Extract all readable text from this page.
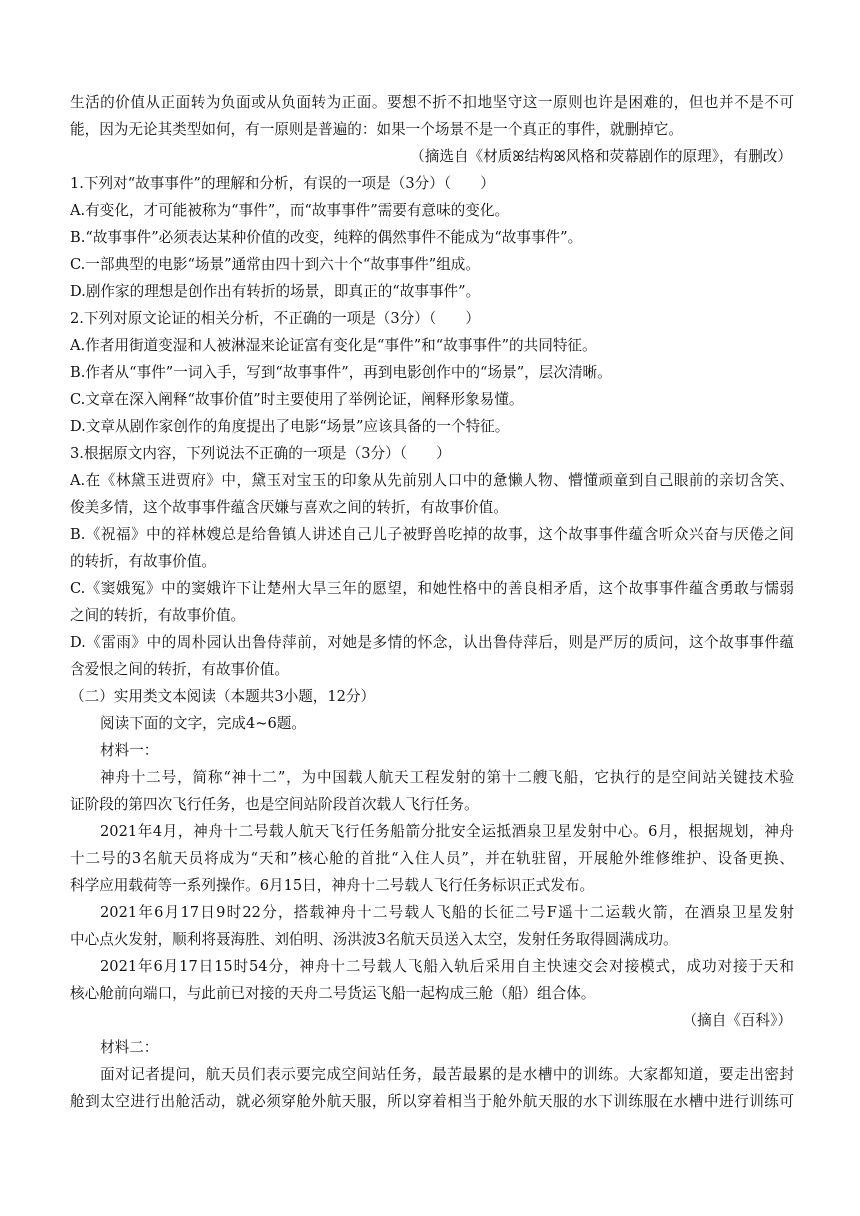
生活的价值从正面转为负面或从负面转为正面。要想不折不扣地坚守这一原则也许是困难的，但也并不是不可
能，因为无论其类型如何，有一原则是普遍的：如果一个场景不是一个真正的事件，就删掉它。
（摘选自《材质ꕤ结构ꕤ风格和荧幕剧作的原理》，有删改）
1.下列对“故事事件”的理解和分析，有误的一项是（3分）（　　）
A.有变化，才可能被称为“事件”，而“故事事件”需要有意味的变化。
B.“故事事件”必须表达某种价值的改变，纯粹的偶然事件不能成为“故事事件”。
C.一部典型的电影“场景”通常由四十到六十个“故事事件”组成。
D.剧作家的理想是创作出有转折的场景，即真正的“故事事件”。
2.下列对原文论证的相关分析，不正确的一项是（3分）（　　）
A.作者用街道变湿和人被淋湿来论证富有变化是“事件”和“故事事件”的共同特征。
B.作者从“事件”一词入手，写到“故事事件”，再到电影创作中的“场景”，层次清晰。
C.文章在深入阐释“故事价值”时主要使用了举例论证，阐释形象易懂。
D.文章从剧作家创作的角度提出了电影“场景”应该具备的一个特征。
3.根据原文内容，下列说法不正确的一项是（3分）（　　）
A.在《林黛玉进贾府》中，黛玉对宝玉的印象从先前别人口中的惫懒人物、懵懂顽童到自己眼前的亲切含笑、
俊美多情，这个故事事件蕴含厌嫌与喜欢之间的转折，有故事价值。
B.《祝福》中的祥林嫂总是给鲁镇人讲述自己儿子被野兽吃掉的故事，这个故事事件蕴含听众兴奋与厌倦之间
的转折，有故事价值。
C.《窦娥冤》中的窦娥许下让楚州大旱三年的愿望，和她性格中的善良相矛盾，这个故事事件蕴含勇敢与懦弱
之间的转折，有故事价值。
D.《雷雨》中的周朴园认出鲁侍萍前，对她是多情的怀念，认出鲁侍萍后，则是严厉的质问，这个故事事件蕴
含爱恨之间的转折，有故事价值。
（二）实用类文本阅读（本题共3小题，12分）
阅读下面的文字，完成4~6题。
材料一：
神舟十二号，简称“神十二”，为中国载人航天工程发射的第十二艘飞船，它执行的是空间站关键技术验
证阶段的第四次飞行任务，也是空间站阶段首次载人飞行任务。
2021年4月，神舟十二号载人航天飞行任务船箭分批安全运抵酒泉卫星发射中心。6月，根据规划，神舟
十二号的3名航天员将成为“天和”核心舱的首批“入住人员”，并在轨驻留，开展舱外维修维护、设备更换、
科学应用载荷等一系列操作。6月15日，神舟十二号载人飞行任务标识正式发布。
2021年6月17日9时22分，搭载神舟十二号载人飞船的长征二号F遥十二运载火箭，在酒泉卫星发射
中心点火发射，顺利将聂海胜、刘伯明、汤洪波3名航天员送入太空，发射任务取得圆满成功。
2021年6月17日15时54分，神舟十二号载人飞船入轨后采用自主快速交会对接模式，成功对接于天和
核心舱前向端口，与此前已对接的天舟二号货运飞船一起构成三舱（船）组合体。
（摘自《百科》）
材料二：
面对记者提问，航天员们表示要完成空间站任务，最苦最累的是水槽中的训练。大家都知道，要走出密封
舱到太空进行出舱活动，就必须穿舱外航天服，所以穿着相当于舱外航天服的水下训练服在水槽中进行训练可
